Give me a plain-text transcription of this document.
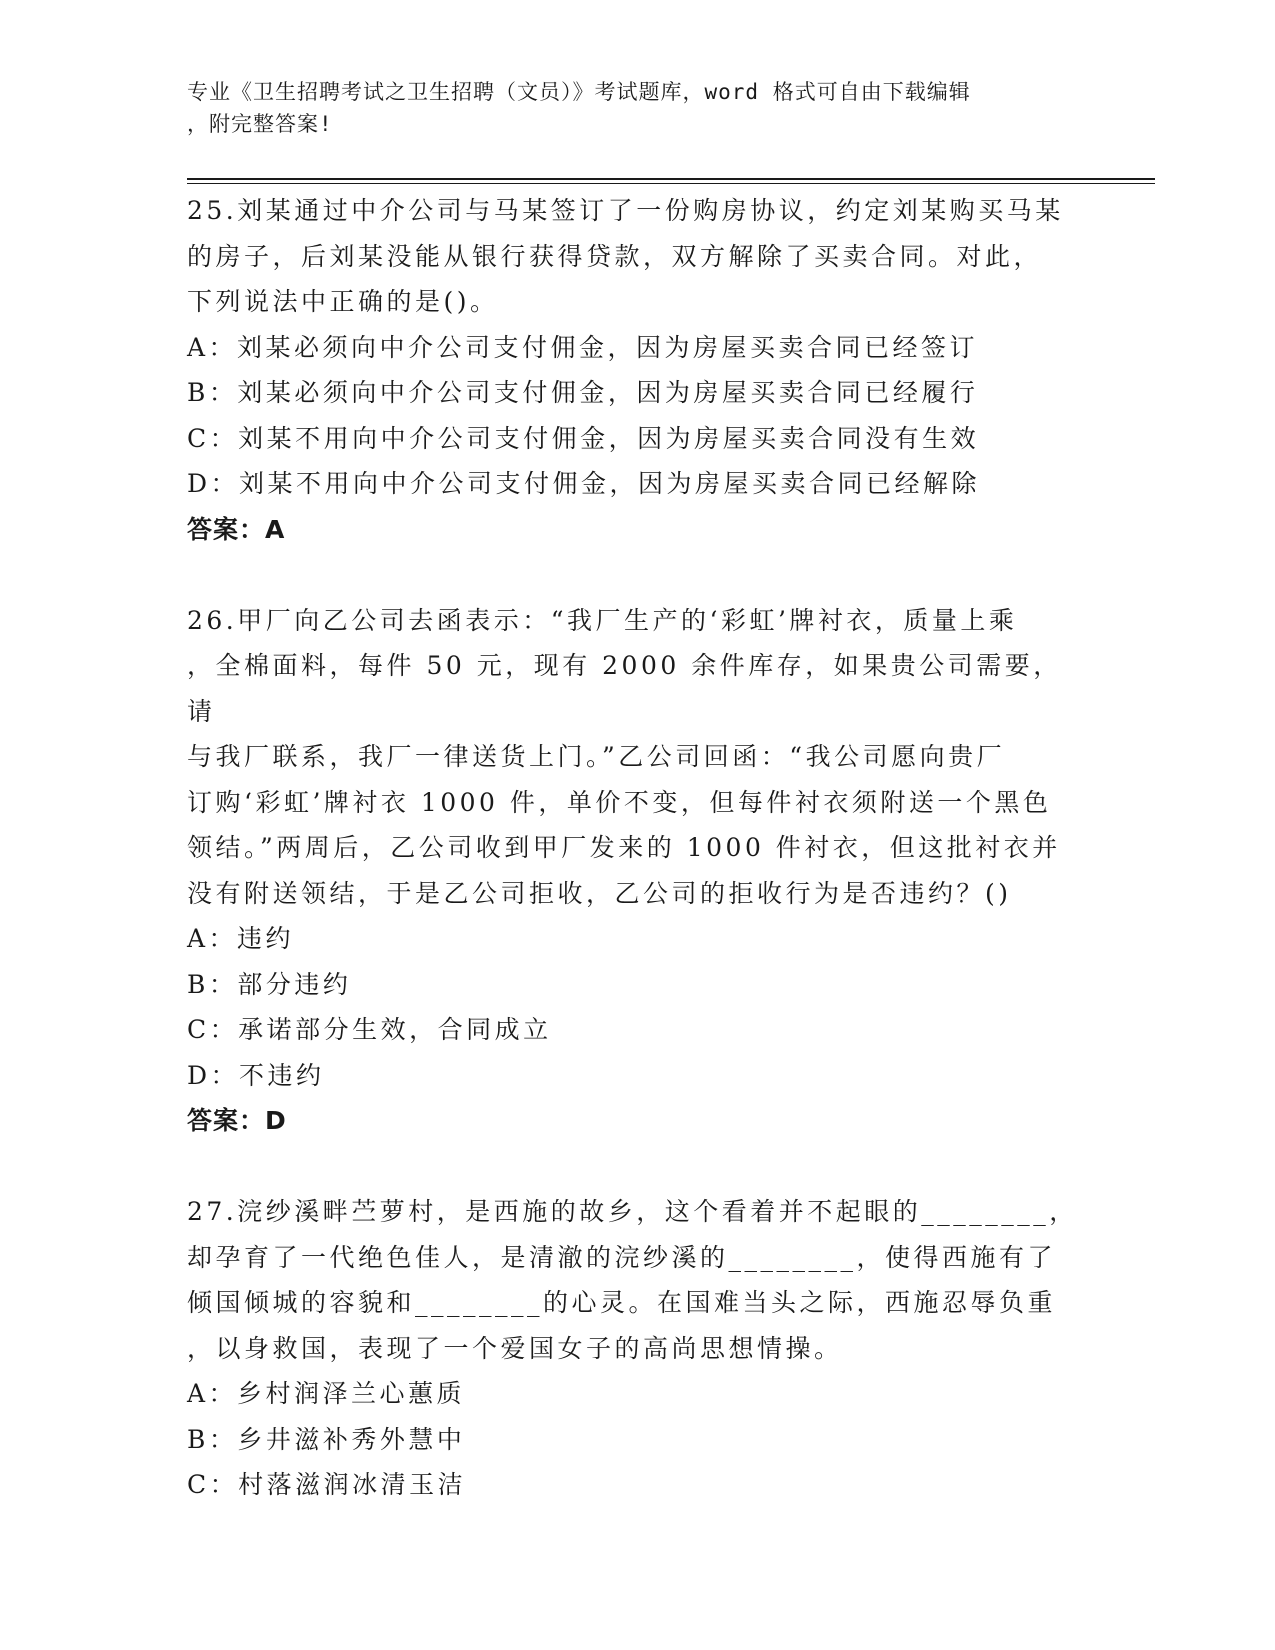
专业《卫生招聘考试之卫生招聘（文员）》考试题库，word 格式可自由下载编辑
，附完整答案!

25.刘某通过中介公司与马某签订了一份购房协议，约定刘某购买马某

的房子，后刘某没能从银行获得贷款，双方解除了买卖合同。对此，

下列说法中正确的是()。

A：刘某必须向中介公司支付佣金，因为房屋买卖合同已经签订

B：刘某必须向中介公司支付佣金，因为房屋买卖合同已经履行

C：刘某不用向中介公司支付佣金，因为房屋买卖合同没有生效

D：刘某不用向中介公司支付佣金，因为房屋买卖合同已经解除

答案：A

26.甲厂向乙公司去函表示：“我厂生产的‘彩虹’牌衬衣，质量上乘

，全棉面料，每件 50 元，现有 2000 余件库存，如果贵公司需要，请

与我厂联系，我厂一律送货上门。”乙公司回函：“我公司愿向贵厂

订购‘彩虹’牌衬衣 1000 件，单价不变，但每件衬衣须附送一个黑色

领结。”两周后，乙公司收到甲厂发来的 1000 件衬衣，但这批衬衣并

没有附送领结，于是乙公司拒收，乙公司的拒收行为是否违约？()

A：违约

B：部分违约

C：承诺部分生效，合同成立

D：不违约

答案：D

27.浣纱溪畔苎萝村，是西施的故乡，这个看着并不起眼的________，

却孕育了一代绝色佳人，是清澈的浣纱溪的________，使得西施有了

倾国倾城的容貌和________的心灵。在国难当头之际，西施忍辱负重

，以身救国，表现了一个爱国女子的高尚思想情操。

A：乡村润泽兰心蕙质

B：乡井滋补秀外慧中

C：村落滋润冰清玉洁
